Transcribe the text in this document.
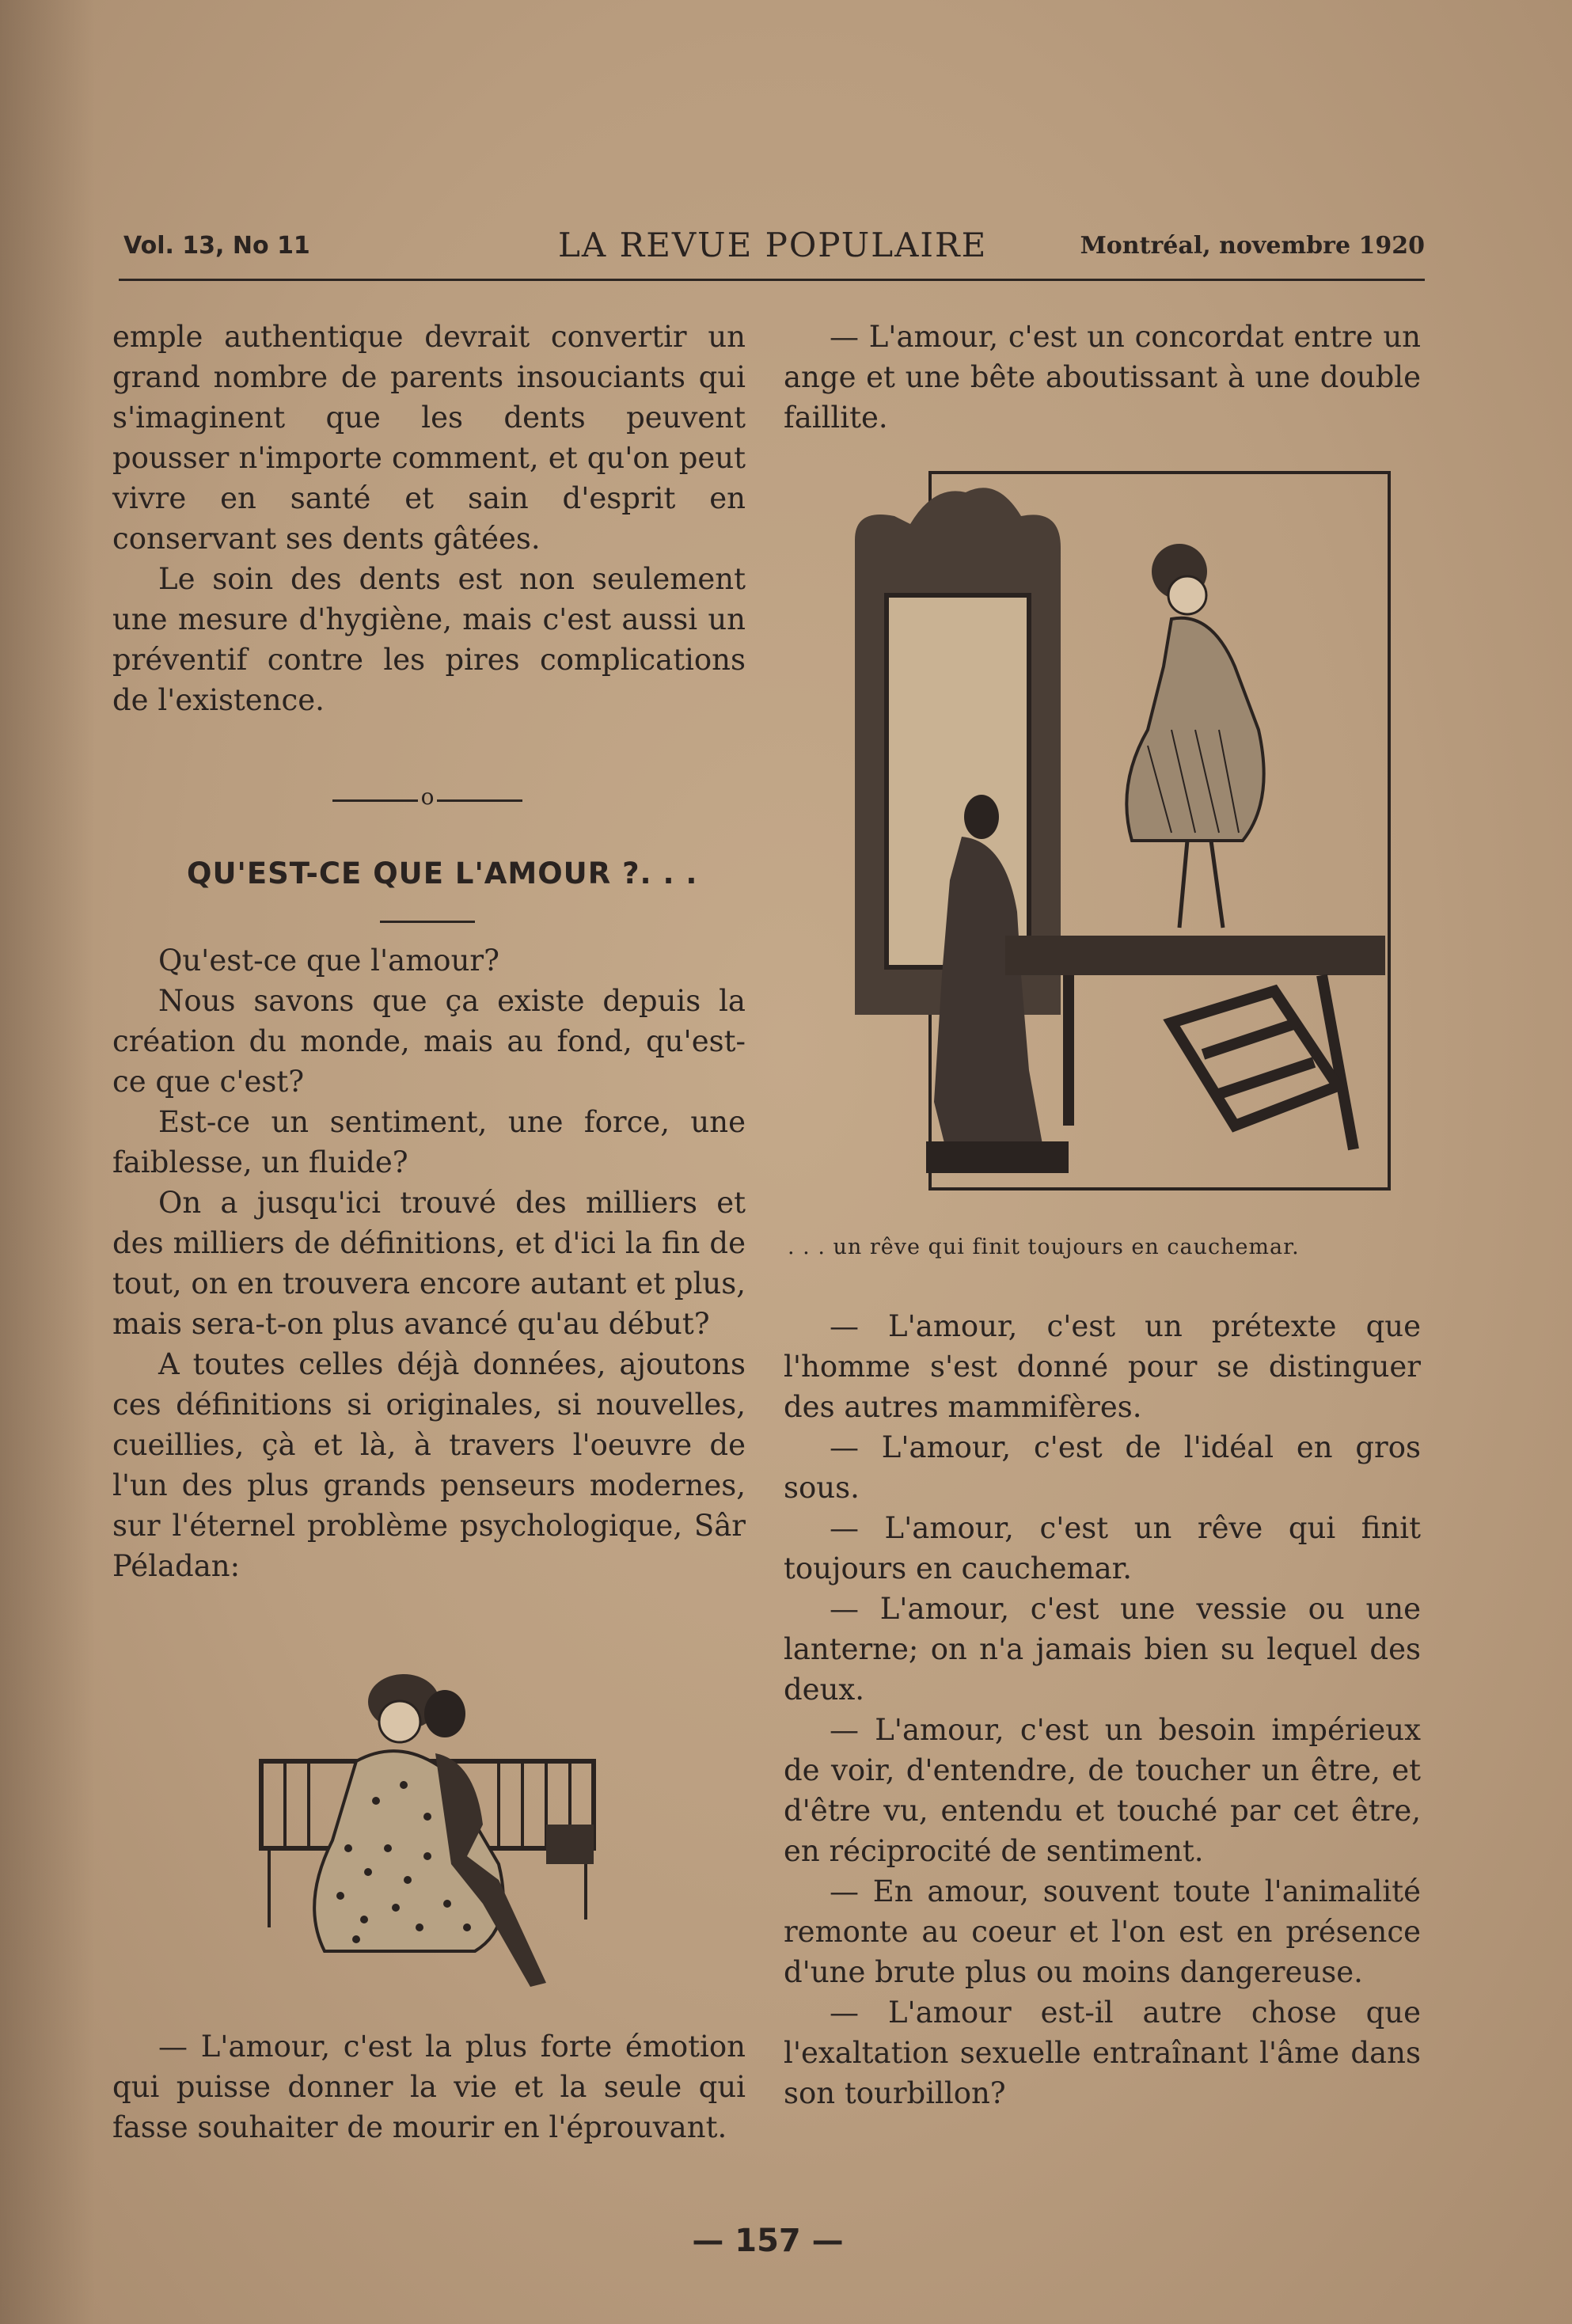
Vol. 13, No 11	LA REVUE POPULAIRE	Montréal, novembre 1920

emple authentique devrait convertir un grand nombre de parents insouciants qui s'imaginent que les dents peuvent pousser n'importe comment, et qu'on peut vivre en santé et sain d'esprit en conservant ses dents gâtées.

Le soin des dents est non seulement une mesure d'hygiène, mais c'est aussi un préventif contre les pires complications de l'existence.

o
QU'EST-CE QUE L'AMOUR ?. . .

Qu'est-ce que l'amour?

Nous savons que ça existe depuis la création du monde, mais au fond, qu'est-ce que c'est?

Est-ce un sentiment, une force, une faiblesse, un fluide?

On a jusqu'ici trouvé des milliers et des milliers de définitions, et d'ici la fin de tout, on en trouvera encore autant et plus, mais sera-t-on plus avancé qu'au début?

A toutes celles déjà données, ajoutons ces définitions si originales, si nouvelles, cueillies, çà et là, à travers l'oeuvre de l'un des plus grands penseurs modernes, sur l'éternel problème psychologique, Sâr Péladan:

— L'amour, c'est la plus forte émotion qui puisse donner la vie et la seule qui fasse souhaiter de mourir en l'éprouvant.

— L'amour, c'est un concordat entre un ange et une bête aboutissant à une double faillite.

. . . un rêve qui finit toujours en cauchemar.

— L'amour, c'est un prétexte que l'homme s'est donné pour se distinguer des autres mammifères.

— L'amour, c'est de l'idéal en gros sous.

— L'amour, c'est un rêve qui finit toujours en cauchemar.

— L'amour, c'est une vessie ou une lanterne; on n'a jamais bien su lequel des deux.

— L'amour, c'est un besoin impérieux de voir, d'entendre, de toucher un être, et d'être vu, entendu et touché par cet être, en réciprocité de sentiment.

— En amour, souvent toute l'animalité remonte au coeur et l'on est en présence d'une brute plus ou moins dangereuse.

— L'amour est-il autre chose que l'exaltation sexuelle entraînant l'âme dans son tourbillon?

— 157 —
